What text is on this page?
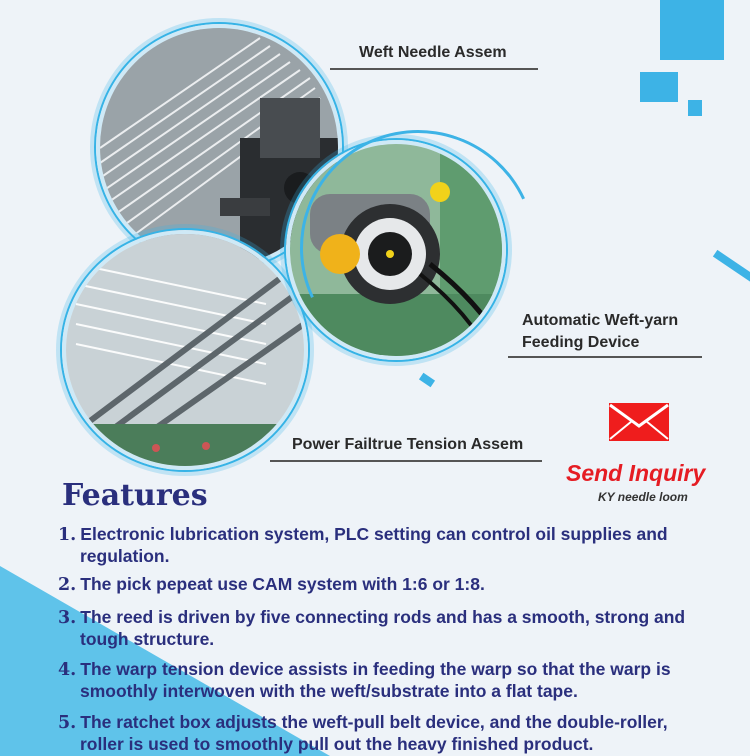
Weft Needle Assem
Automatic Weft-yarn
Feeding Device
Power Failtrue Tension Assem
Send Inquiry
KY needle loom
Features
1. Electronic lubrication system, PLC setting can control oil supplies and
regulation.
2. The pick pepeat use CAM system with 1:6 or 1:8.
3. The reed is driven by five connecting rods and has a smooth, strong and
tough structure.
4. The warp tension device assists in feeding the warp so that the warp is
smoothly interwoven with the weft/substrate into a flat tape.
5. The ratchet box adjusts the weft-pull belt device, and the double-roller,
roller is used to smoothly pull out the heavy finished product.
